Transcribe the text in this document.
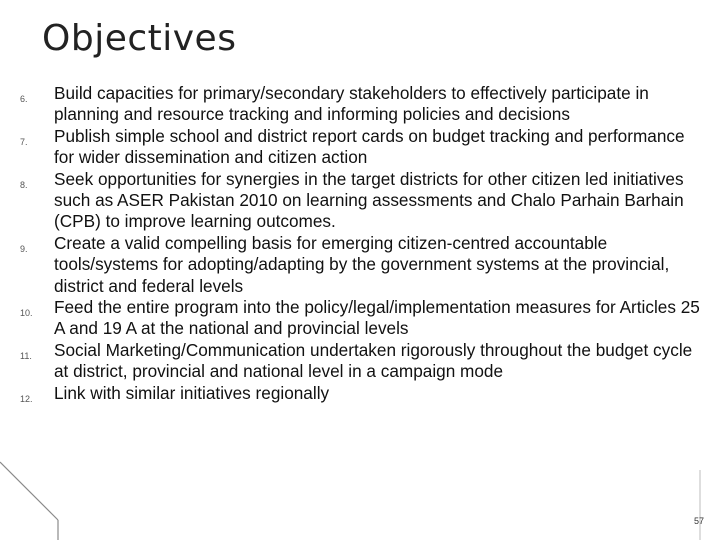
Objectives
6.	Build capacities for primary/secondary stakeholders to effectively participate in planning and resource tracking and informing policies and decisions
7.	Publish simple school and district report cards on budget tracking and performance for wider dissemination and citizen action
8.	Seek opportunities for synergies in the target districts for other citizen led initiatives such as ASER Pakistan 2010 on learning assessments and Chalo Parhain Barhain (CPB) to improve learning outcomes.
9.	Create a valid compelling basis for emerging citizen-centred accountable tools/systems for adopting/adapting by the government systems at the provincial, district and federal levels
10.	Feed the entire program into the policy/legal/implementation measures for Articles 25 A and 19 A at the national and provincial levels
11.	Social Marketing/Communication undertaken rigorously throughout the budget cycle at district, provincial and national level in a campaign mode
12.	Link with similar initiatives regionally
57
